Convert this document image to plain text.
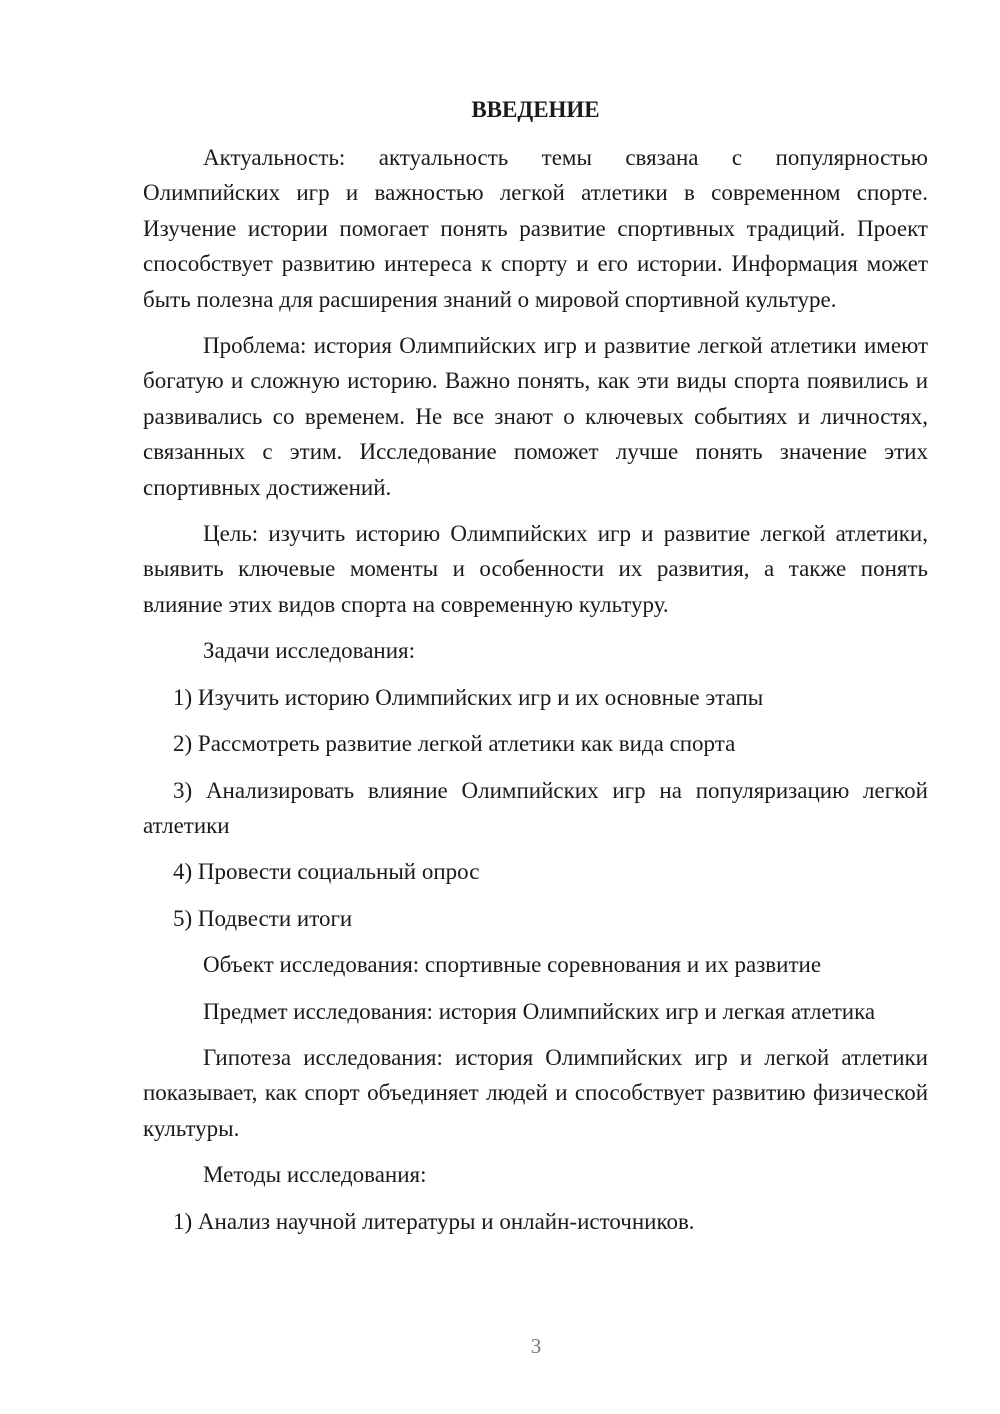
ВВЕДЕНИЕ

Актуальность: актуальность темы связана с популярностью Олимпийских игр и важностью легкой атлетики в современном спорте. Изучение истории помогает понять развитие спортивных традиций. Проект способствует развитию интереса к спорту и его истории. Информация может быть полезна для расширения знаний о мировой спортивной культуре.

Проблема: история Олимпийских игр и развитие легкой атлетики имеют богатую и сложную историю. Важно понять, как эти виды спорта появились и развивались со временем. Не все знают о ключевых событиях и личностях, связанных с этим. Исследование поможет лучше понять значение этих спортивных достижений.

Цель: изучить историю Олимпийских игр и развитие легкой атлетики, выявить ключевые моменты и особенности их развития, а также понять влияние этих видов спорта на современную культуру.

Задачи исследования:

1) Изучить историю Олимпийских игр и их основные этапы

2) Рассмотреть развитие легкой атлетики как вида спорта

3) Анализировать влияние Олимпийских игр на популяризацию легкой атлетики

4) Провести социальный опрос

5) Подвести итоги

Объект исследования: спортивные соревнования и их развитие

Предмет исследования: история Олимпийских игр и легкая атлетика

Гипотеза исследования: история Олимпийских игр и легкой атлетики показывает, как спорт объединяет людей и способствует развитию физической культуры.

Методы исследования:

1) Анализ научной литературы и онлайн-источников.

3
